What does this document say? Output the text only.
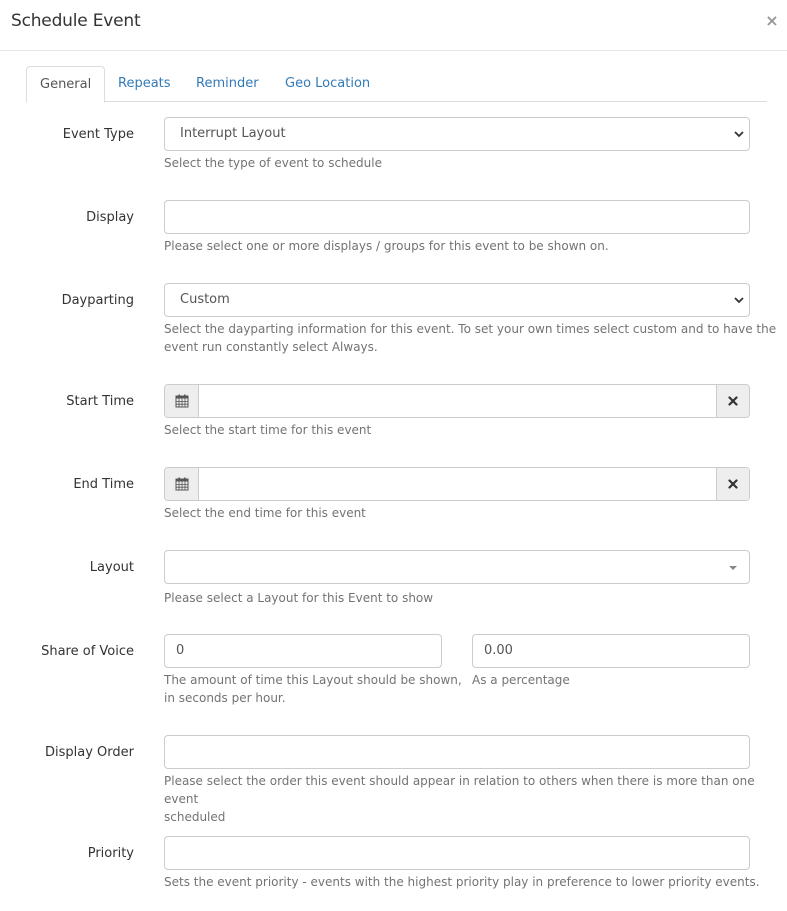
Schedule Event	×
General	Repeats	Reminder	Geo Location
Event Type	Interrupt Layout
Select the type of event to schedule
Display
Please select one or more displays / groups for this event to be shown on.
Dayparting	Custom
Select the dayparting information for this event. To set your own times select custom and to have the
event run constantly select Always.
Start Time
Select the start time for this event
End Time
Select the end time for this event
Layout
Please select a Layout for this Event to show
Share of Voice	0	0.00
The amount of time this Layout should be shown,
in seconds per hour.
As a percentage
Display Order
Please select the order this event should appear in relation to others when there is more than one event
scheduled
Priority
Sets the event priority - events with the highest priority play in preference to lower priority events.
